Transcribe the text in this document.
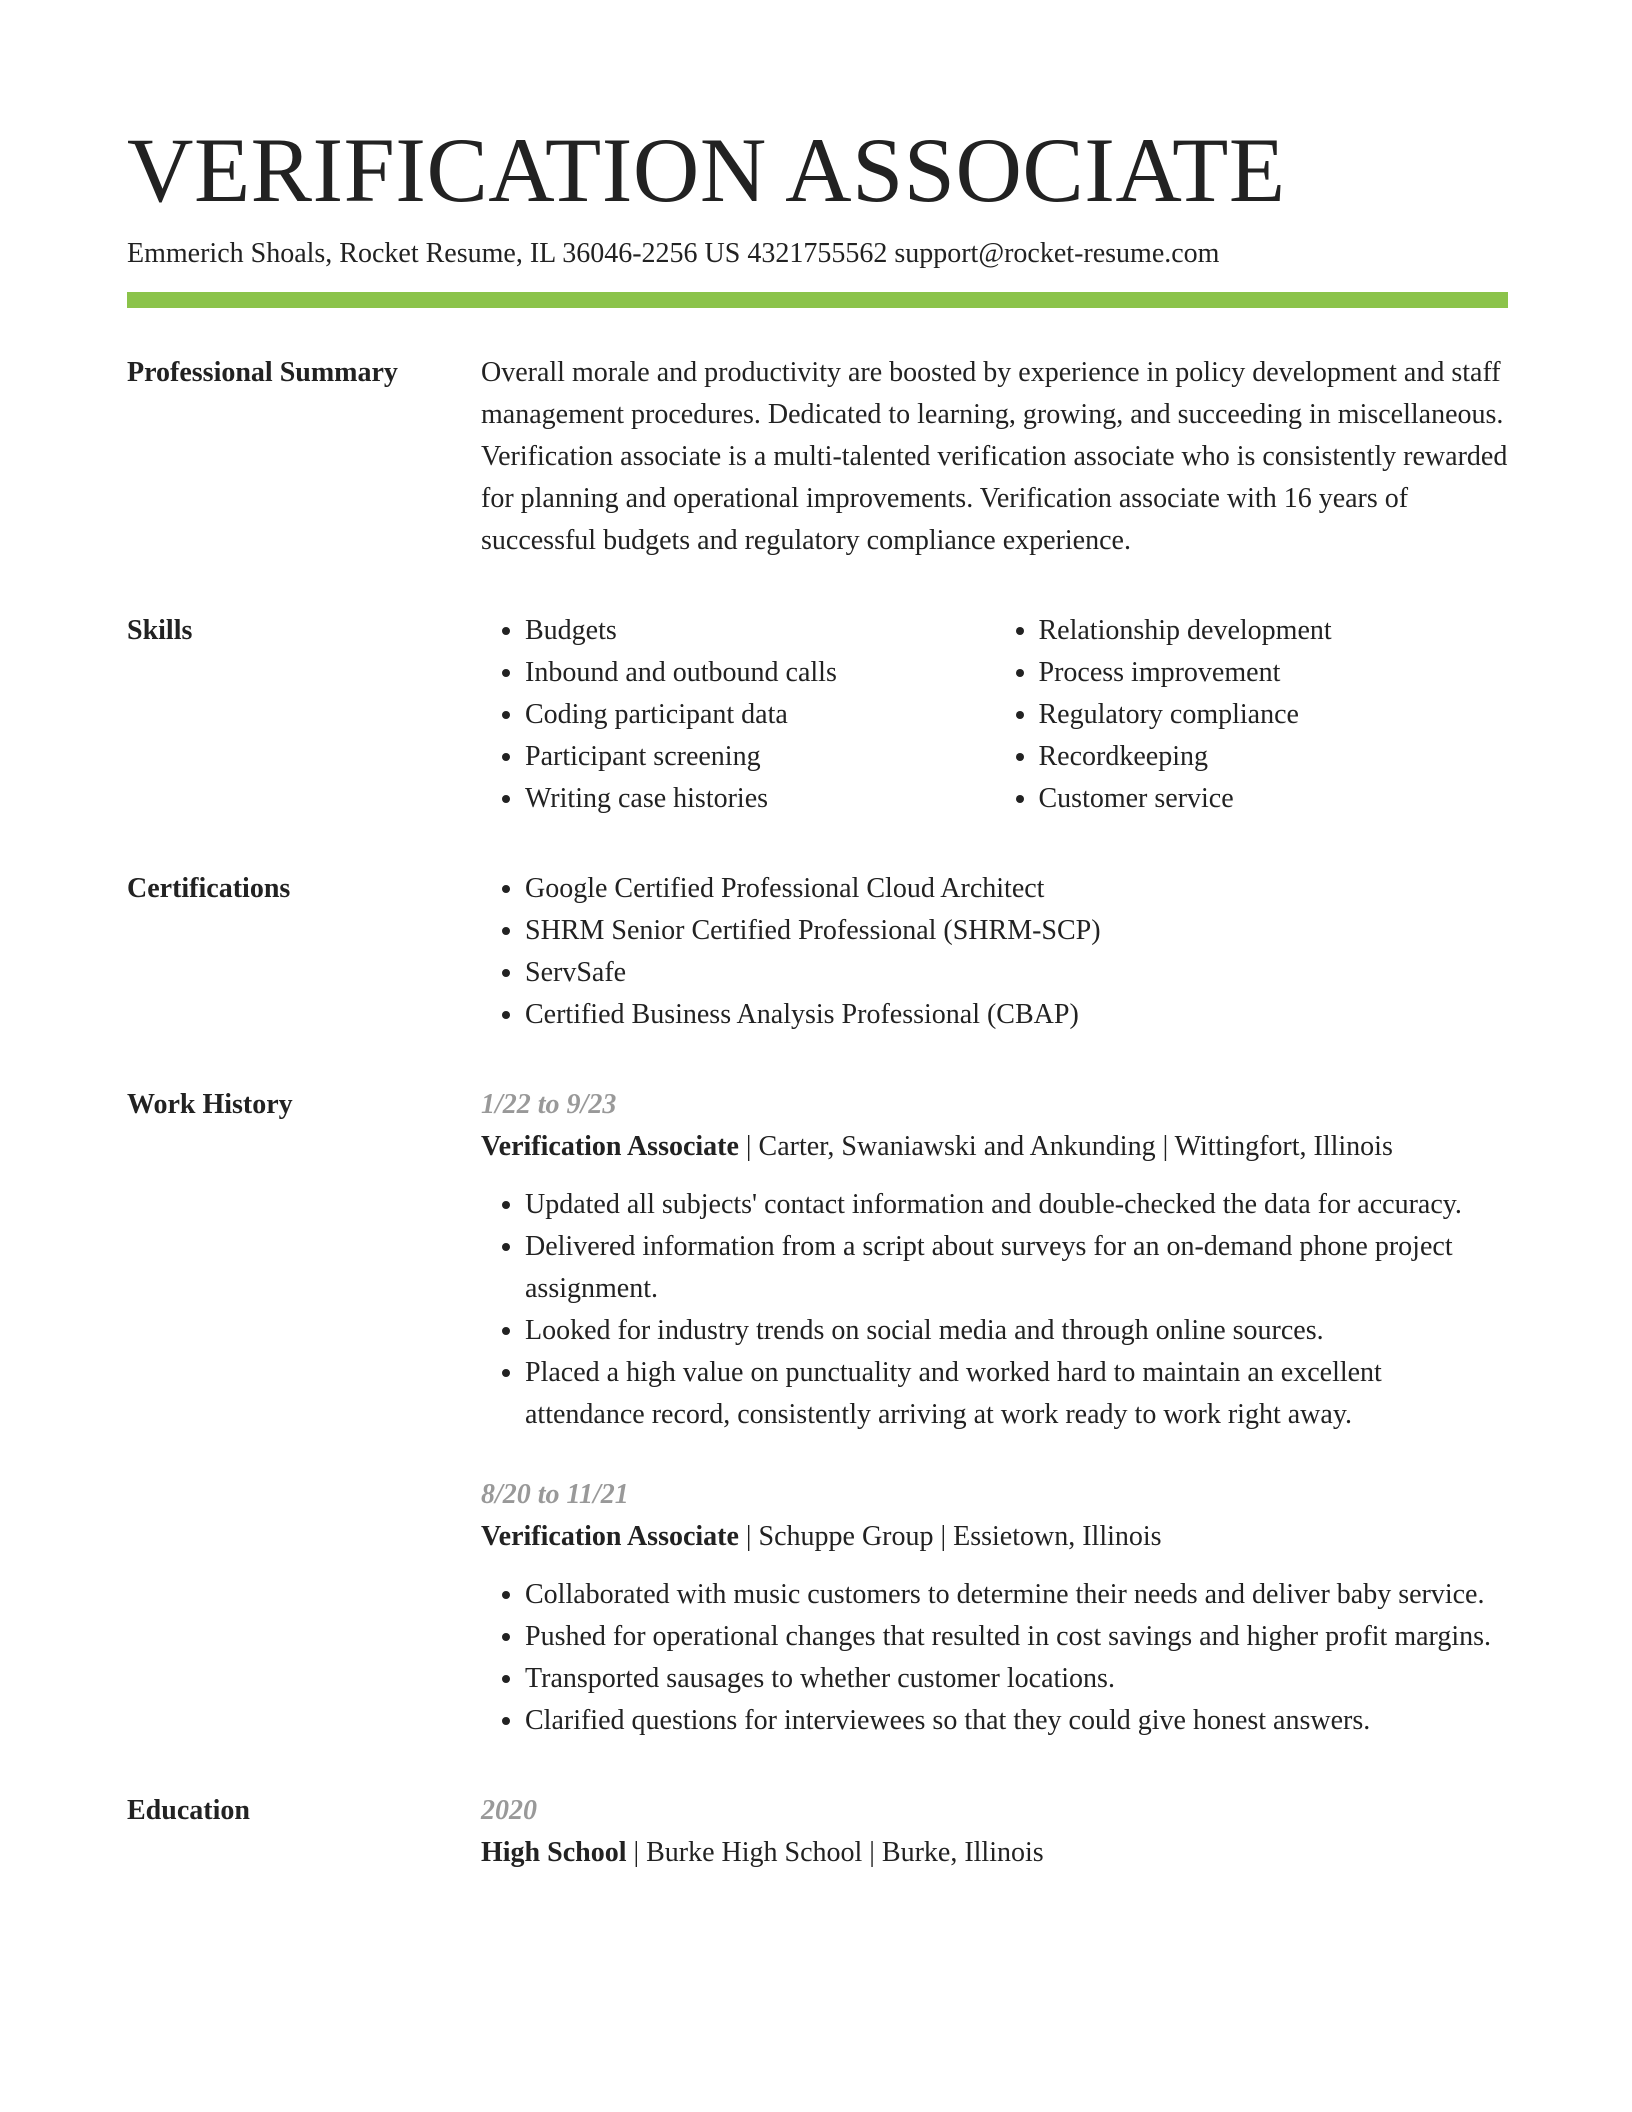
VERIFICATION ASSOCIATE
Emmerich Shoals, Rocket Resume, IL 36046-2256 US 4321755562 support@rocket-resume.com
Professional Summary	Overall morale and productivity are boosted by experience in policy development and staff management procedures. Dedicated to learning, growing, and succeeding in miscellaneous. Verification associate is a multi-talented verification associate who is consistently rewarded for planning and operational improvements. Verification associate with 16 years of successful budgets and regulatory compliance experience.

Skills	• Budgets
• Inbound and outbound calls
• Coding participant data
• Participant screening
• Writing case histories
• Relationship development
• Process improvement
• Regulatory compliance
• Recordkeeping
• Customer service
Certifications	• Google Certified Professional Cloud Architect
• SHRM Senior Certified Professional (SHRM-SCP)
• ServSafe
• Certified Business Analysis Professional (CBAP)
Work History	1/22 to 9/23
Verification Associate | Carter, Swaniawski and Ankunding | Wittingfort, Illinois
• Updated all subjects' contact information and double-checked the data for accuracy.
• Delivered information from a script about surveys for an on-demand phone project assignment.
• Looked for industry trends on social media and through online sources.
• Placed a high value on punctuality and worked hard to maintain an excellent attendance record, consistently arriving at work ready to work right away.
8/20 to 11/21
Verification Associate | Schuppe Group | Essietown, Illinois
• Collaborated with music customers to determine their needs and deliver baby service.
• Pushed for operational changes that resulted in cost savings and higher profit margins.
• Transported sausages to whether customer locations.
• Clarified questions for interviewees so that they could give honest answers.
Education	2020
High School | Burke High School | Burke, Illinois
